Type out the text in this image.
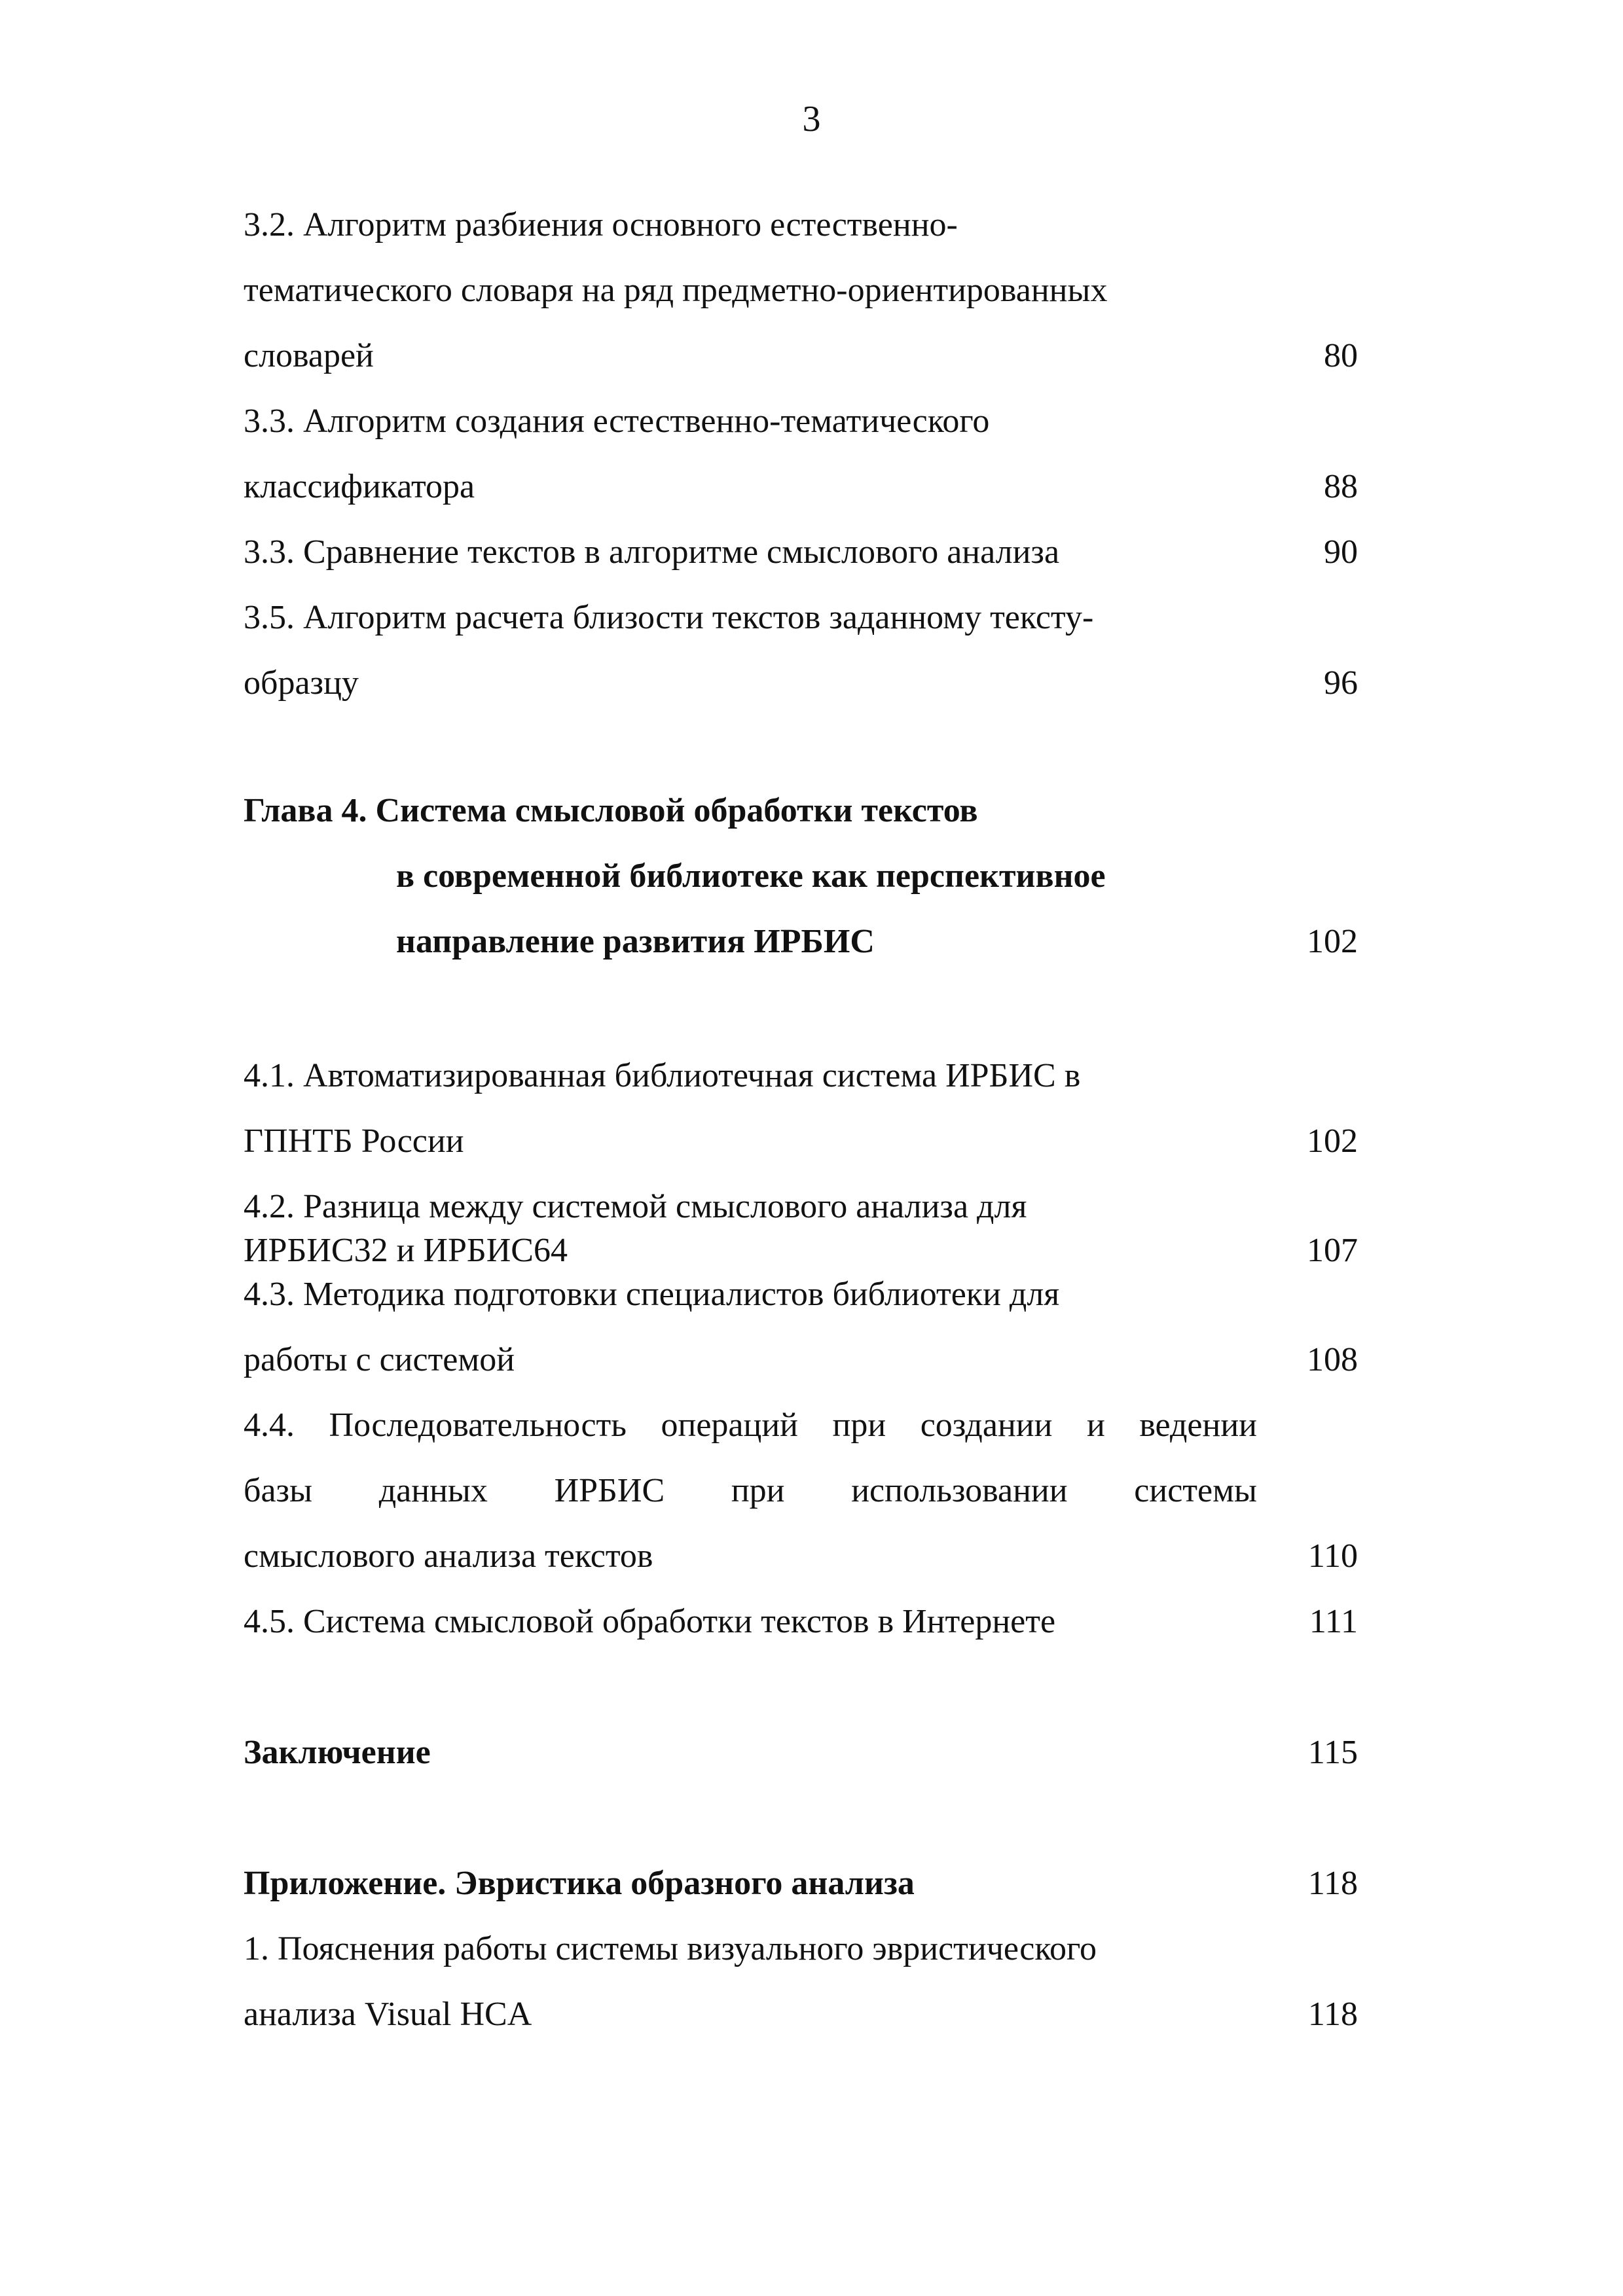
3
3.2. Алгоритм разбиения основного естественно-
тематического словаря на ряд предметно-ориентированных
словарей	80
3.3. Алгоритм создания естественно-тематического
классификатора	88
3.3. Сравнение текстов в алгоритме смыслового анализа	90
3.5. Алгоритм расчета близости текстов заданному тексту-
образцу	96
Глава 4. Система смысловой обработки текстов
в современной библиотеке как перспективное
направление развития ИРБИС	102
4.1. Автоматизированная библиотечная система ИРБИС в
ГПНТБ России	102
4.2. Разница между системой смыслового анализа для
ИРБИС32 и ИРБИС64	107
4.3. Методика подготовки специалистов библиотеки для
работы с системой	108
4.4. Последовательность операций при создании и ведении
базы данных ИРБИС при использовании системы
смыслового анализа текстов	110
4.5. Система смысловой обработки текстов в Интернете	111
Заключение	115
Приложение. Эвристика образного анализа	118
1. Пояснения работы системы визуального эвристического
анализа Visual HCA	118
